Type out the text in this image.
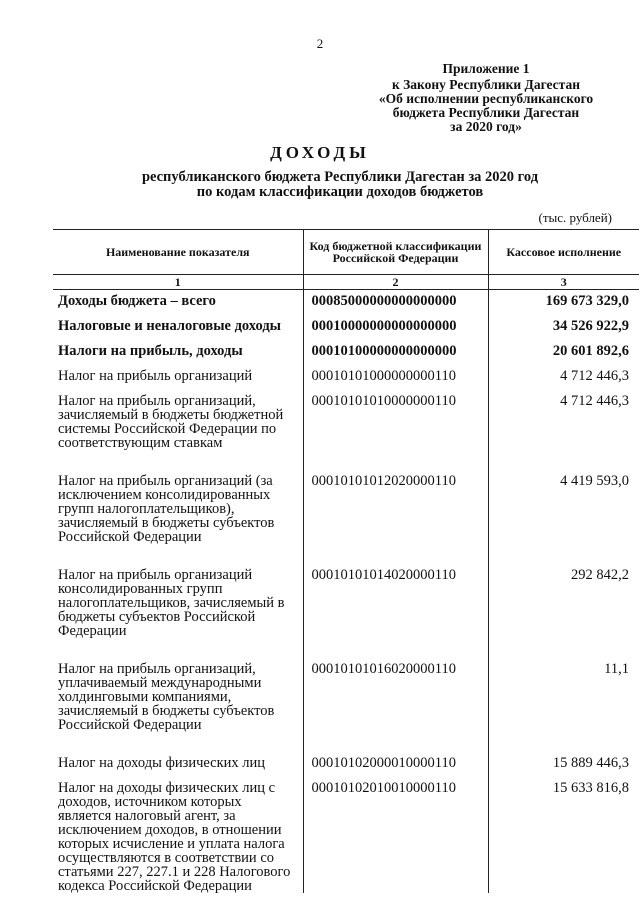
2
Приложение 1
к Закону Республики Дагестан
«Об исполнении республиканского
бюджета Республики Дагестан
за 2020 год»
ДОХОДЫ
республиканского бюджета Республики Дагестан за 2020 год
по кодам классификации доходов бюджетов
(тыс. рублей)
Наименование показателя	Код бюджетной классификации Российской Федерации	Кассовое исполнение
1	2	3
Доходы бюджета – всего	00085000000000000000	169 673 329,0
Налоговые и неналоговые доходы	00010000000000000000	34 526 922,9
Налоги на прибыль, доходы	00010100000000000000	20 601 892,6
Налог на прибыль организаций	00010101000000000110	4 712 446,3
Налог на прибыль организаций, зачисляемый в бюджеты бюджетной системы Российской Федерации по соответствующим ставкам	00010101010000000110	4 712 446,3
Налог на прибыль организаций (за исключением консолидированных групп налогоплательщиков), зачисляемый в бюджеты субъектов Российской Федерации	00010101012020000110	4 419 593,0
Налог на прибыль организаций консолидированных групп налогоплательщиков, зачисляемый в бюджеты субъектов Российской Федерации	00010101014020000110	292 842,2
Налог на прибыль организаций, уплачиваемый международными холдинговыми компаниями, зачисляемый в бюджеты субъектов Российской Федерации	00010101016020000110	11,1
Налог на доходы физических лиц	00010102000010000110	15 889 446,3
Налог на доходы физических лиц с доходов, источником которых является налоговый агент, за исключением доходов, в отношении которых исчисление и уплата налога осуществляются в соответствии со статьями 227, 227.1 и 228 Налогового кодекса Российской Федерации	00010102010010000110	15 633 816,8
